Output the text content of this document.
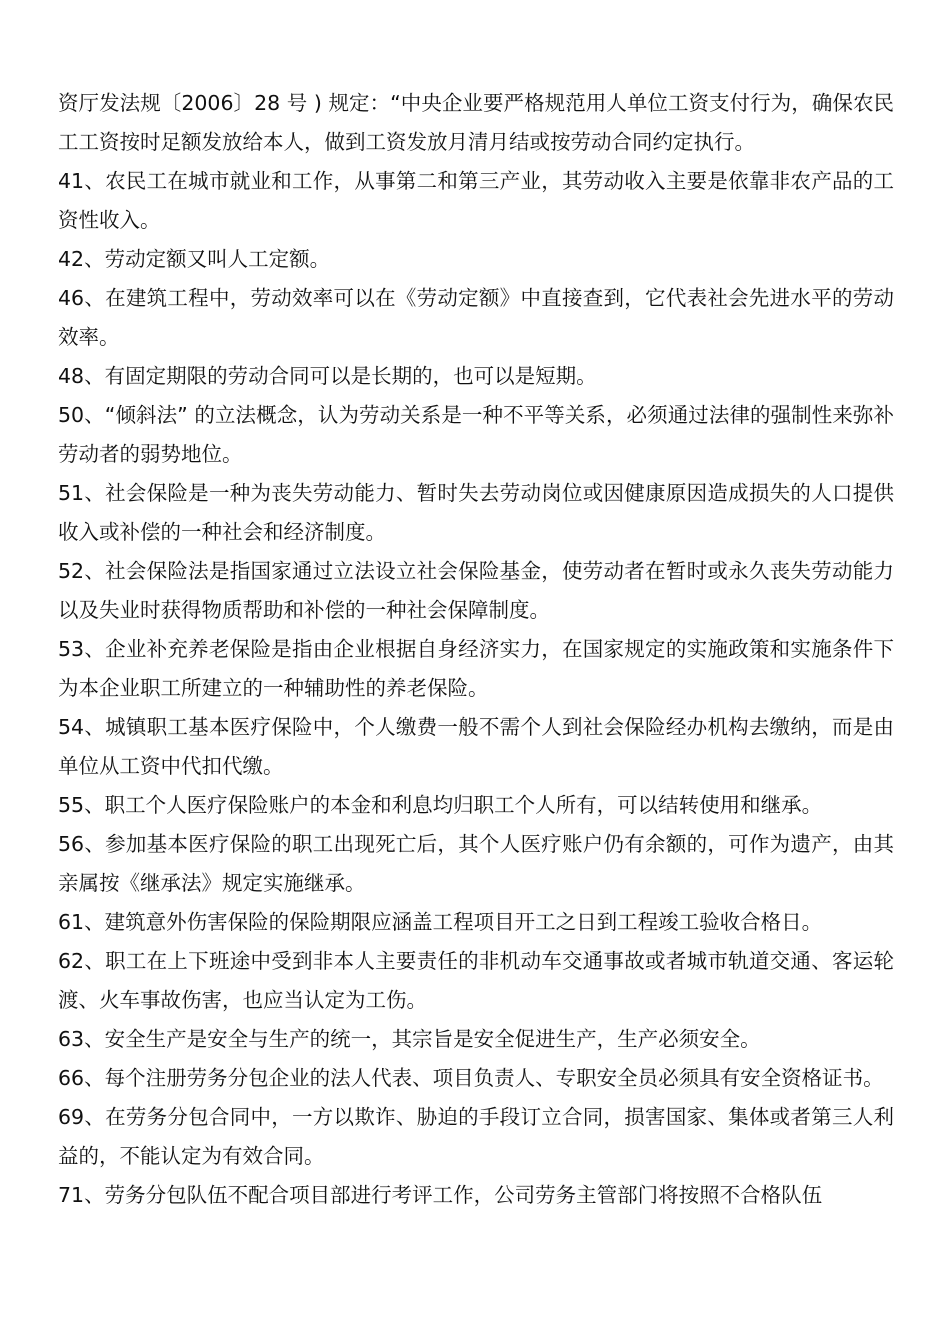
资厅发法规〔2006〕28 号 ) 规定：“中央企业要严格规范用人单位工资支付行为，确保农民工工资按时足额发放给本人，做到工资发放月清月结或按劳动合同约定执行。

41、农民工在城市就业和工作，从事第二和第三产业，其劳动收入主要是依靠非农产品的工资性收入。

42、劳动定额又叫人工定额。

46、在建筑工程中，劳动效率可以在《劳动定额》中直接查到，它代表社会先进水平的劳动效率。

48、有固定期限的劳动合同可以是长期的，也可以是短期。

50、“倾斜法” 的立法概念，认为劳动关系是一种不平等关系，必须通过法律的强制性来弥补劳动者的弱势地位。

51、社会保险是一种为丧失劳动能力、暂时失去劳动岗位或因健康原因造成损失的人口提供收入或补偿的一种社会和经济制度。

52、社会保险法是指国家通过立法设立社会保险基金，使劳动者在暂时或永久丧失劳动能力以及失业时获得物质帮助和补偿的一种社会保障制度。

53、企业补充养老保险是指由企业根据自身经济实力，在国家规定的实施政策和实施条件下为本企业职工所建立的一种辅助性的养老保险。

54、城镇职工基本医疗保险中，个人缴费一般不需个人到社会保险经办机构去缴纳，而是由单位从工资中代扣代缴。

55、职工个人医疗保险账户的本金和利息均归职工个人所有，可以结转使用和继承。

56、参加基本医疗保险的职工出现死亡后，其个人医疗账户仍有余额的，可作为遗产，由其亲属按《继承法》规定实施继承。

61、建筑意外伤害保险的保险期限应涵盖工程项目开工之日到工程竣工验收合格日。

62、职工在上下班途中受到非本人主要责任的非机动车交通事故或者城市轨道交通、客运轮渡、火车事故伤害，也应当认定为工伤。

63、安全生产是安全与生产的统一，其宗旨是安全促进生产，生产必须安全。

66、每个注册劳务分包企业的法人代表、项目负责人、专职安全员必须具有安全资格证书。

69、在劳务分包合同中，一方以欺诈、胁迫的手段订立合同，损害国家、集体或者第三人利益的，不能认定为有效合同。

71、劳务分包队伍不配合项目部进行考评工作，公司劳务主管部门将按照不合格队伍
